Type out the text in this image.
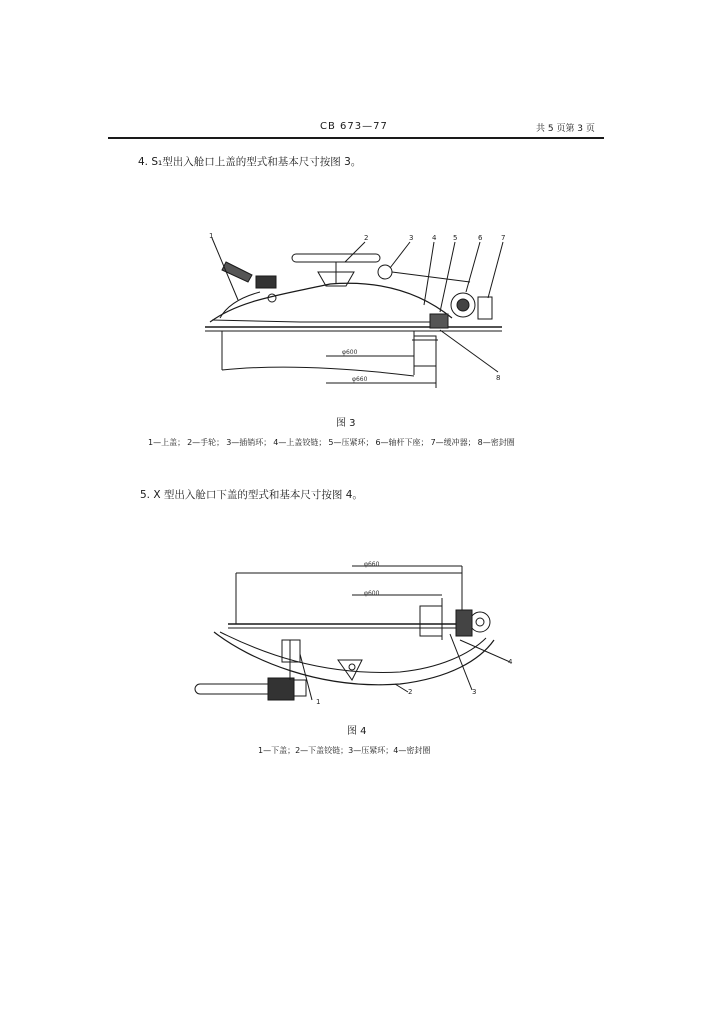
CB 673—77	共 5 页第 3 页
4. S₁型出入舱口上盖的型式和基本尺寸按图 3。
1	2	3	4 5	6	7
8
φ600
φ660
图 3
1—上盖； 2—手轮； 3—插销环； 4—上盖铰链； 5—压紧环； 6—轴杆下座； 7—缓冲器； 8—密封圈
5. X 型出入舱口下盖的型式和基本尺寸按图 4。
φ660
φ600
1
2	3
4
图 4
1—下盖；2—下盖铰链；3—压紧环；4—密封圈
